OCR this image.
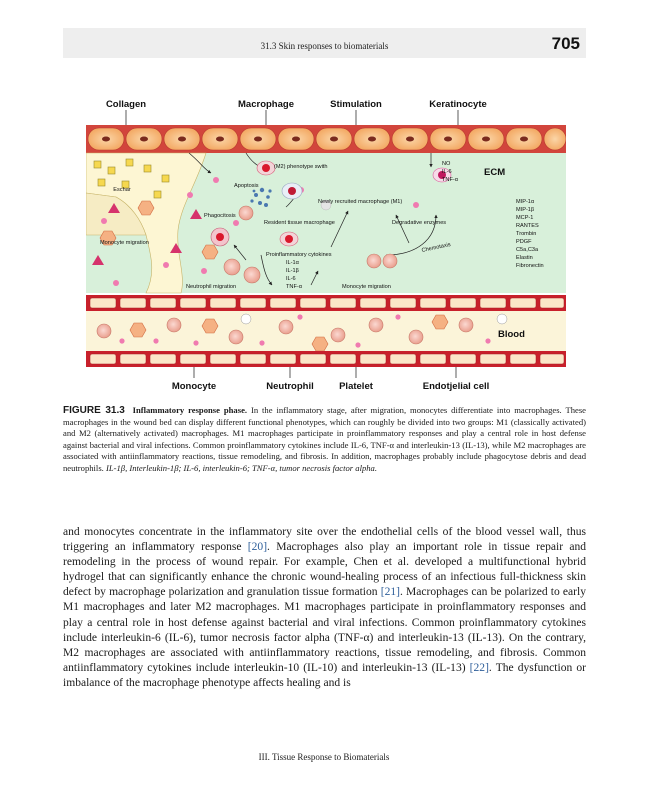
31.3 Skin responses to biomaterials	705
Collagen	Macrophage	Stimulation	Keratinocyte
(M2) phenotype swith
Apoptosis
Eschar
Phagocitosis
Newly recruited macrophage (M1)
Resident tissue macrophage	Degradative enzymes
Chemotaxis
Monocyte migration
Neutrophil migration	Monocyte migration
Proinflammatory cytokines
IL-1α
IL-1β
IL-6
TNF-α
NO
IL-6
TNF-α
MIP-1α
MIP-1β
MCP-1
RANTES
Trombin
PDGF
C5a,C3a
Elastin
Fibronectin
ECM
Blood
Monocyte	Neutrophil	Platelet	Endotjelial cell
FIGURE 31.3 Inflammatory response phase. In the inflammatory stage, after migration, monocytes differentiate into macrophages. These macrophages in the wound bed can display different functional phenotypes, which can roughly be divided into two groups: M1 (classically activated) and M2 (alternatively activated) macrophages. M1 macrophages participate in proinflammatory responses and play a central role in host defense against bacterial and viral infections. Common proinflammatory cytokines include IL-6, TNF-α and interleukin-13 (IL-13), while M2 macrophages are associated with antiinflammatory reactions, tissue remodeling, and fibrosis. In addition, macrophages probably include phagocytose debris and dead neutrophils. IL-1β, Interleukin-1β; IL-6, interleukin-6; TNF-α, tumor necrosis factor alpha.
and monocytes concentrate in the inflammatory site over the endothelial cells of the blood vessel wall, thus triggering an inflammatory response [20]. Macrophages also play an important role in tissue repair and remodeling in the process of wound repair. For example, Chen et al. developed a multifunctional hybrid hydrogel that can significantly enhance the chronic wound-healing process of an infectious full-thickness skin defect by macrophage polarization and granulation tissue formation [21]. Macrophages can be polarized to early M1 macrophages and later M2 macrophages. M1 macrophages participate in proinflammatory responses and play a central role in host defense against bacterial and viral infections. Common proinflammatory cytokines include interleukin-6 (IL-6), tumor necrosis factor alpha (TNF-α) and interleukin-13 (IL-13). On the contrary, M2 macrophages are associated with antiinflammatory reactions, tissue remodeling, and fibrosis. Common antiinflammatory cytokines include interleukin-10 (IL-10) and interleukin-13 (IL-13) [22]. The dysfunction or imbalance of the macrophage phenotype affects healing and is
III. Tissue Response to Biomaterials
